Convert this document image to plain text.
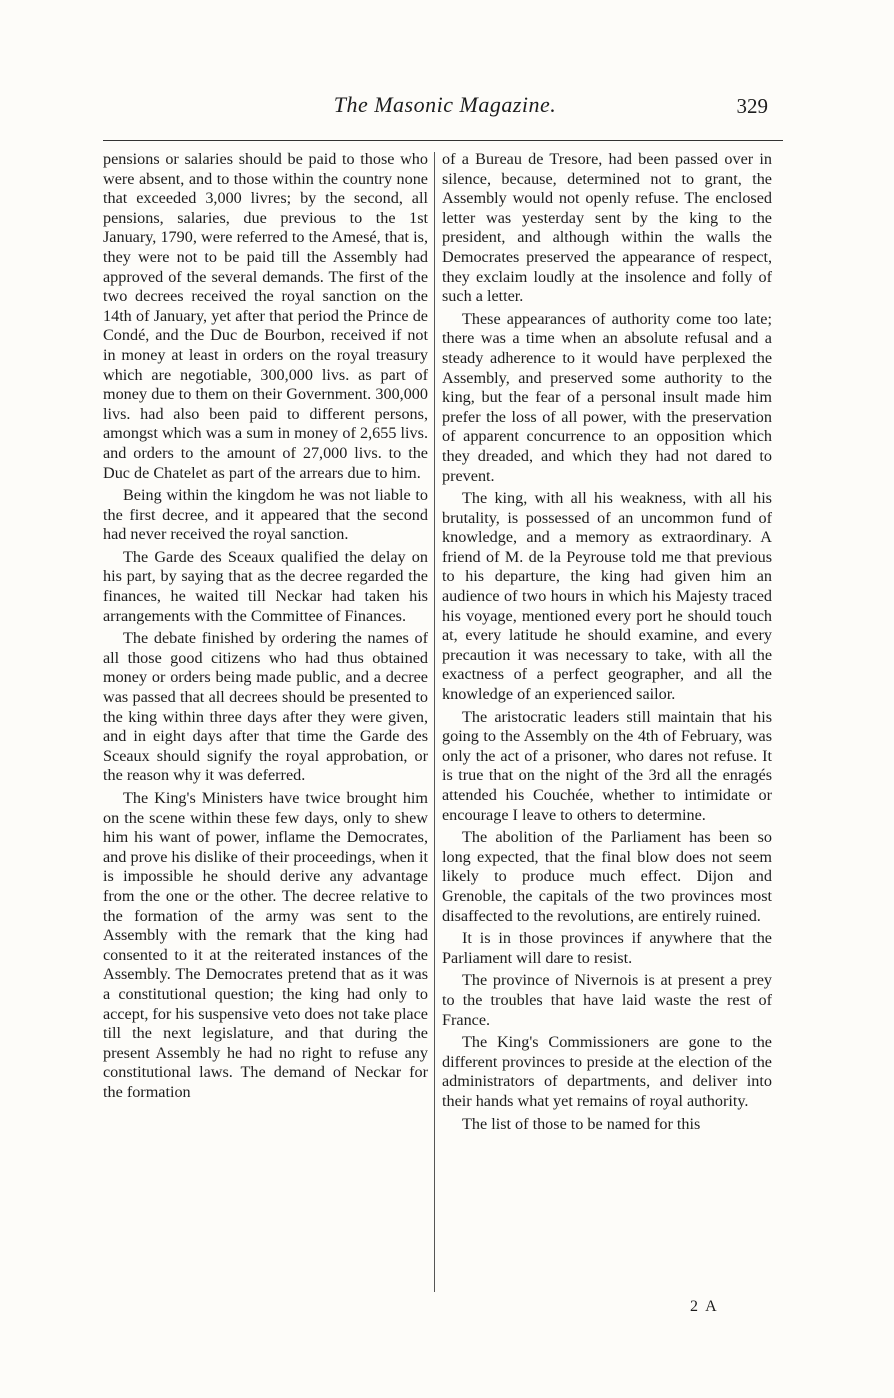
The Masonic Magazine.	329

pensions or salaries should be paid to those who were absent, and to those within the country none that exceeded 3,000 livres; by the second, all pensions, salaries, due previous to the 1st January, 1790, were referred to the Amesé, that is, they were not to be paid till the Assembly had approved of the several demands. The first of the two decrees received the royal sanction on the 14th of January, yet after that period the Prince de Condé, and the Duc de Bourbon, received if not in money at least in orders on the royal treasury which are negotiable, 300,000 livs. as part of money due to them on their Government. 300,000 livs. had also been paid to different persons, amongst which was a sum in money of 2,655 livs. and orders to the amount of 27,000 livs. to the Duc de Chatelet as part of the arrears due to him.

Being within the kingdom he was not liable to the first decree, and it appeared that the second had never received the royal sanction.

The Garde des Sceaux qualified the delay on his part, by saying that as the decree regarded the finances, he waited till Neckar had taken his arrangements with the Committee of Finances.

The debate finished by ordering the names of all those good citizens who had thus obtained money or orders being made public, and a decree was passed that all decrees should be presented to the king within three days after they were given, and in eight days after that time the Garde des Sceaux should signify the royal approbation, or the reason why it was deferred.

The King's Ministers have twice brought him on the scene within these few days, only to shew him his want of power, inflame the Democrates, and prove his dislike of their proceedings, when it is impossible he should derive any advantage from the one or the other. The decree relative to the formation of the army was sent to the Assembly with the remark that the king had consented to it at the reiterated instances of the Assembly. The Democrates pretend that as it was a constitutional question; the king had only to accept, for his suspensive veto does not take place till the next legislature, and that during the present Assembly he had no right to refuse any constitutional laws. The demand of Neckar for the formation

of a Bureau de Tresore, had been passed over in silence, because, determined not to grant, the Assembly would not openly refuse. The enclosed letter was yesterday sent by the king to the president, and although within the walls the Democrates preserved the appearance of respect, they exclaim loudly at the insolence and folly of such a letter.

These appearances of authority come too late; there was a time when an absolute refusal and a steady adherence to it would have perplexed the Assembly, and preserved some authority to the king, but the fear of a personal insult made him prefer the loss of all power, with the preservation of apparent concurrence to an opposition which they dreaded, and which they had not dared to prevent.

The king, with all his weakness, with all his brutality, is possessed of an uncommon fund of knowledge, and a memory as extraordinary. A friend of M. de la Peyrouse told me that previous to his departure, the king had given him an audience of two hours in which his Majesty traced his voyage, mentioned every port he should touch at, every latitude he should examine, and every precaution it was necessary to take, with all the exactness of a perfect geographer, and all the knowledge of an experienced sailor.

The aristocratic leaders still maintain that his going to the Assembly on the 4th of February, was only the act of a prisoner, who dares not refuse. It is true that on the night of the 3rd all the enragés attended his Couchée, whether to intimidate or encourage I leave to others to determine.

The abolition of the Parliament has been so long expected, that the final blow does not seem likely to produce much effect. Dijon and Grenoble, the capitals of the two provinces most disaffected to the revolutions, are entirely ruined.

It is in those provinces if anywhere that the Parliament will dare to resist.

The province of Nivernois is at present a prey to the troubles that have laid waste the rest of France.

The King's Commissioners are gone to the different provinces to preside at the election of the administrators of departments, and deliver into their hands what yet remains of royal authority.

The list of those to be named for this

2 A
